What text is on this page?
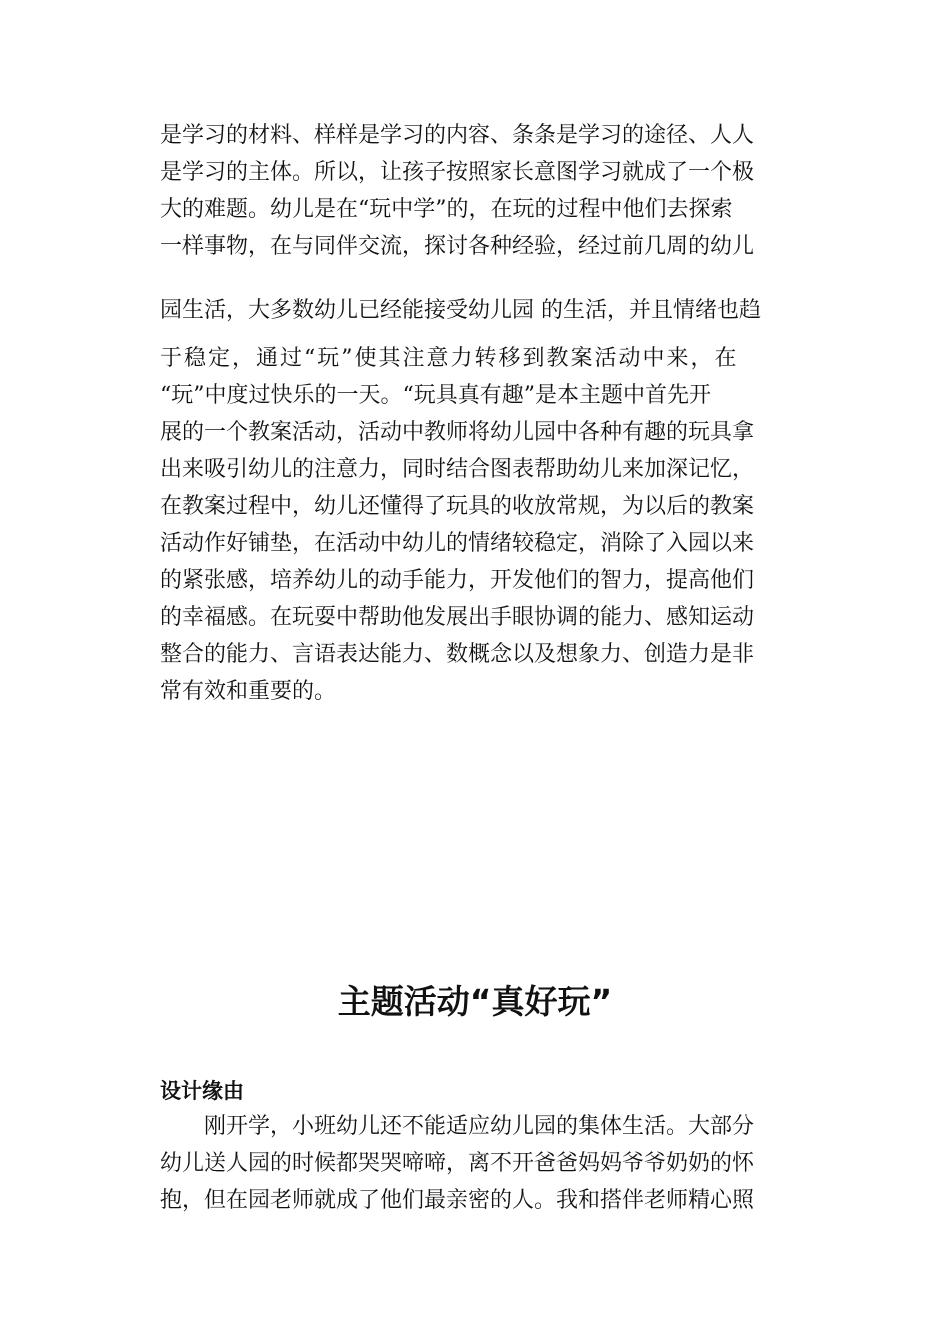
是学习的材料、样样是学习的内容、条条是学习的途径、人人
是学习的主体。所以，让孩子按照家长意图学习就成了一个极
大的难题。幼儿是在“玩中学”的，在玩的过程中他们去探索
一样事物，在与同伴交流，探讨各种经验，经过前几周的幼儿
园生活，大多数幼儿已经能接受幼儿园 的生活，并且情绪也趋
于稳定，通过“玩”使其注意力转移到教案活动中来，在
“玩”中度过快乐的一天。“玩具真有趣”是本主题中首先开
展的一个教案活动，活动中教师将幼儿园中各种有趣的玩具拿
出来吸引幼儿的注意力，同时结合图表帮助幼儿来加深记忆，
在教案过程中，幼儿还懂得了玩具的收放常规，为以后的教案
活动作好铺垫，在活动中幼儿的情绪较稳定，消除了入园以来
的紧张感，培养幼儿的动手能力，开发他们的智力，提高他们
的幸福感。在玩耍中帮助他发展出手眼协调的能力、感知运动
整合的能力、言语表达能力、数概念以及想象力、创造力是非
常有效和重要的。
主题活动“真好玩”
设计缘由
　　刚开学，小班幼儿还不能适应幼儿园的集体生活。大部分
幼儿送人园的时候都哭哭啼啼，离不开爸爸妈妈爷爷奶奶的怀
抱，但在园老师就成了他们最亲密的人。我和搭伴老师精心照
